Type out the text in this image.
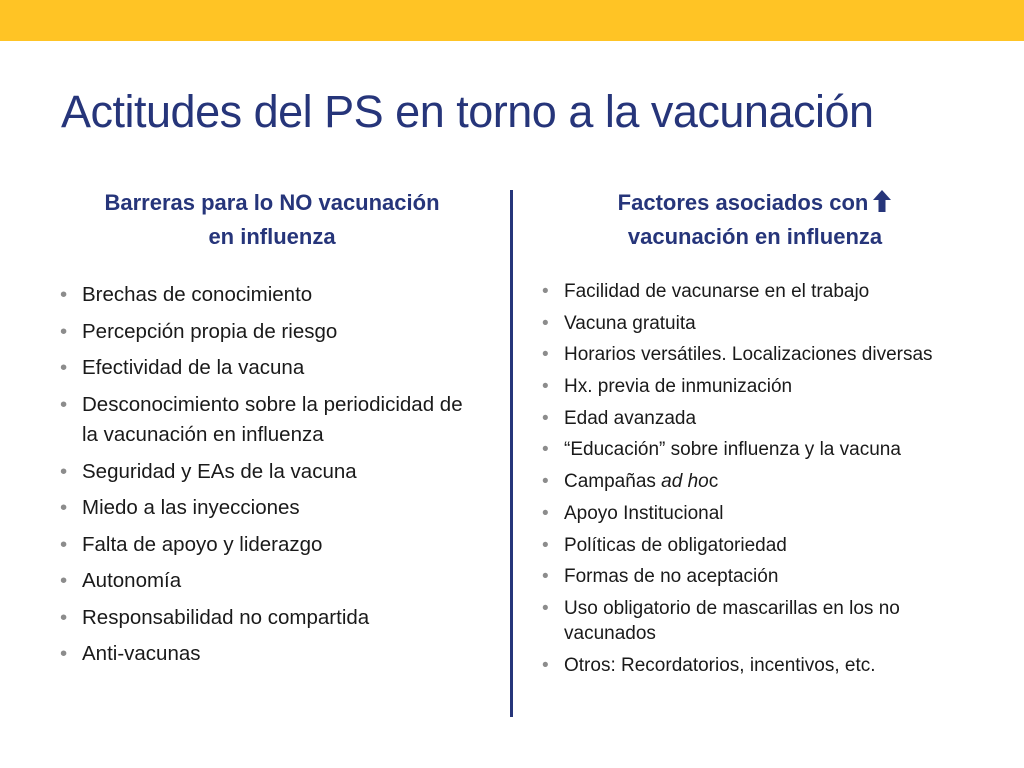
Actitudes del PS en torno a la vacunación
Barreras para lo NO vacunación
en influenza
Factores asociados con
vacunación en influenza
• Brechas de conocimiento
• Percepción propia de riesgo
• Efectividad de la vacuna
• Desconocimiento sobre la periodicidad de la vacunación en influenza
• Seguridad y EAs de la vacuna
• Miedo a las inyecciones
• Falta de apoyo y liderazgo
• Autonomía
• Responsabilidad no compartida
• Anti-vacunas
• Facilidad de vacunarse en el trabajo
• Vacuna gratuita
• Horarios versátiles. Localizaciones diversas
• Hx. previa de inmunización
• Edad avanzada
• “Educación” sobre influenza y la vacuna
• Campañas ad hoc
• Apoyo Institucional
• Políticas de obligatoriedad
• Formas de no aceptación
• Uso obligatorio de mascarillas en los no vacunados
• Otros: Recordatorios, incentivos, etc.
